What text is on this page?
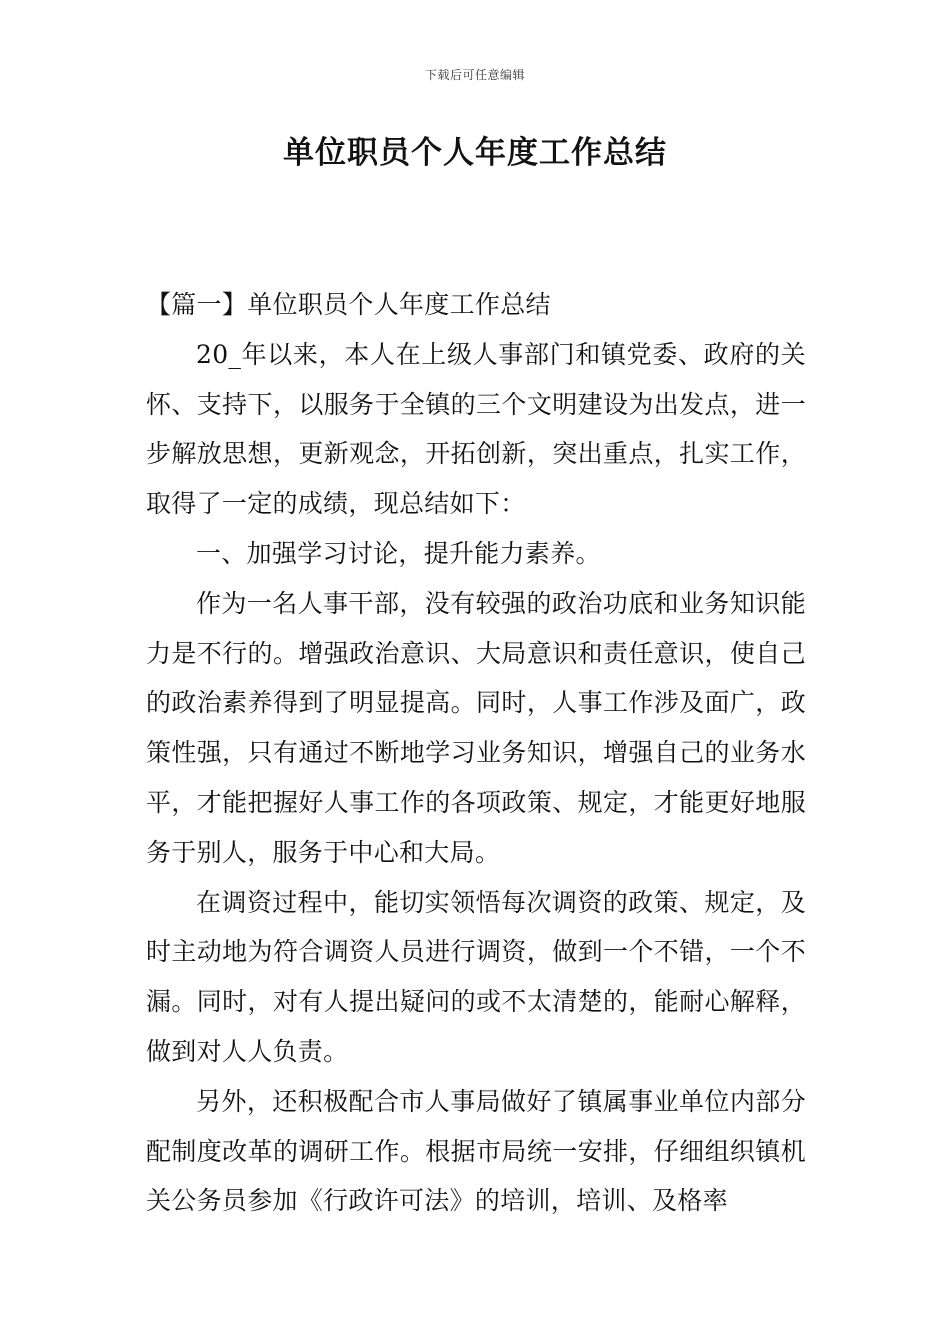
下载后可任意编辑
单位职员个人年度工作总结

【篇一】单位职员个人年度工作总结

20_年以来，本人在上级人事部门和镇党委、政府的关怀、支持下，以服务于全镇的三个文明建设为出发点，进一步解放思想，更新观念，开拓创新，突出重点，扎实工作，取得了一定的成绩，现总结如下：

一、加强学习讨论，提升能力素养。

作为一名人事干部，没有较强的政治功底和业务知识能力是不行的。增强政治意识、大局意识和责任意识，使自己的政治素养得到了明显提高。同时，人事工作涉及面广，政策性强，只有通过不断地学习业务知识，增强自己的业务水平，才能把握好人事工作的各项政策、规定，才能更好地服务于别人，服务于中心和大局。

在调资过程中，能切实领悟每次调资的政策、规定，及时主动地为符合调资人员进行调资，做到一个不错，一个不漏。同时，对有人提出疑问的或不太清楚的，能耐心解释，做到对人人负责。

另外，还积极配合市人事局做好了镇属事业单位内部分配制度改革的调研工作。根据市局统一安排，仔细组织镇机关公务员参加《行政许可法》的培训，培训、及格率
